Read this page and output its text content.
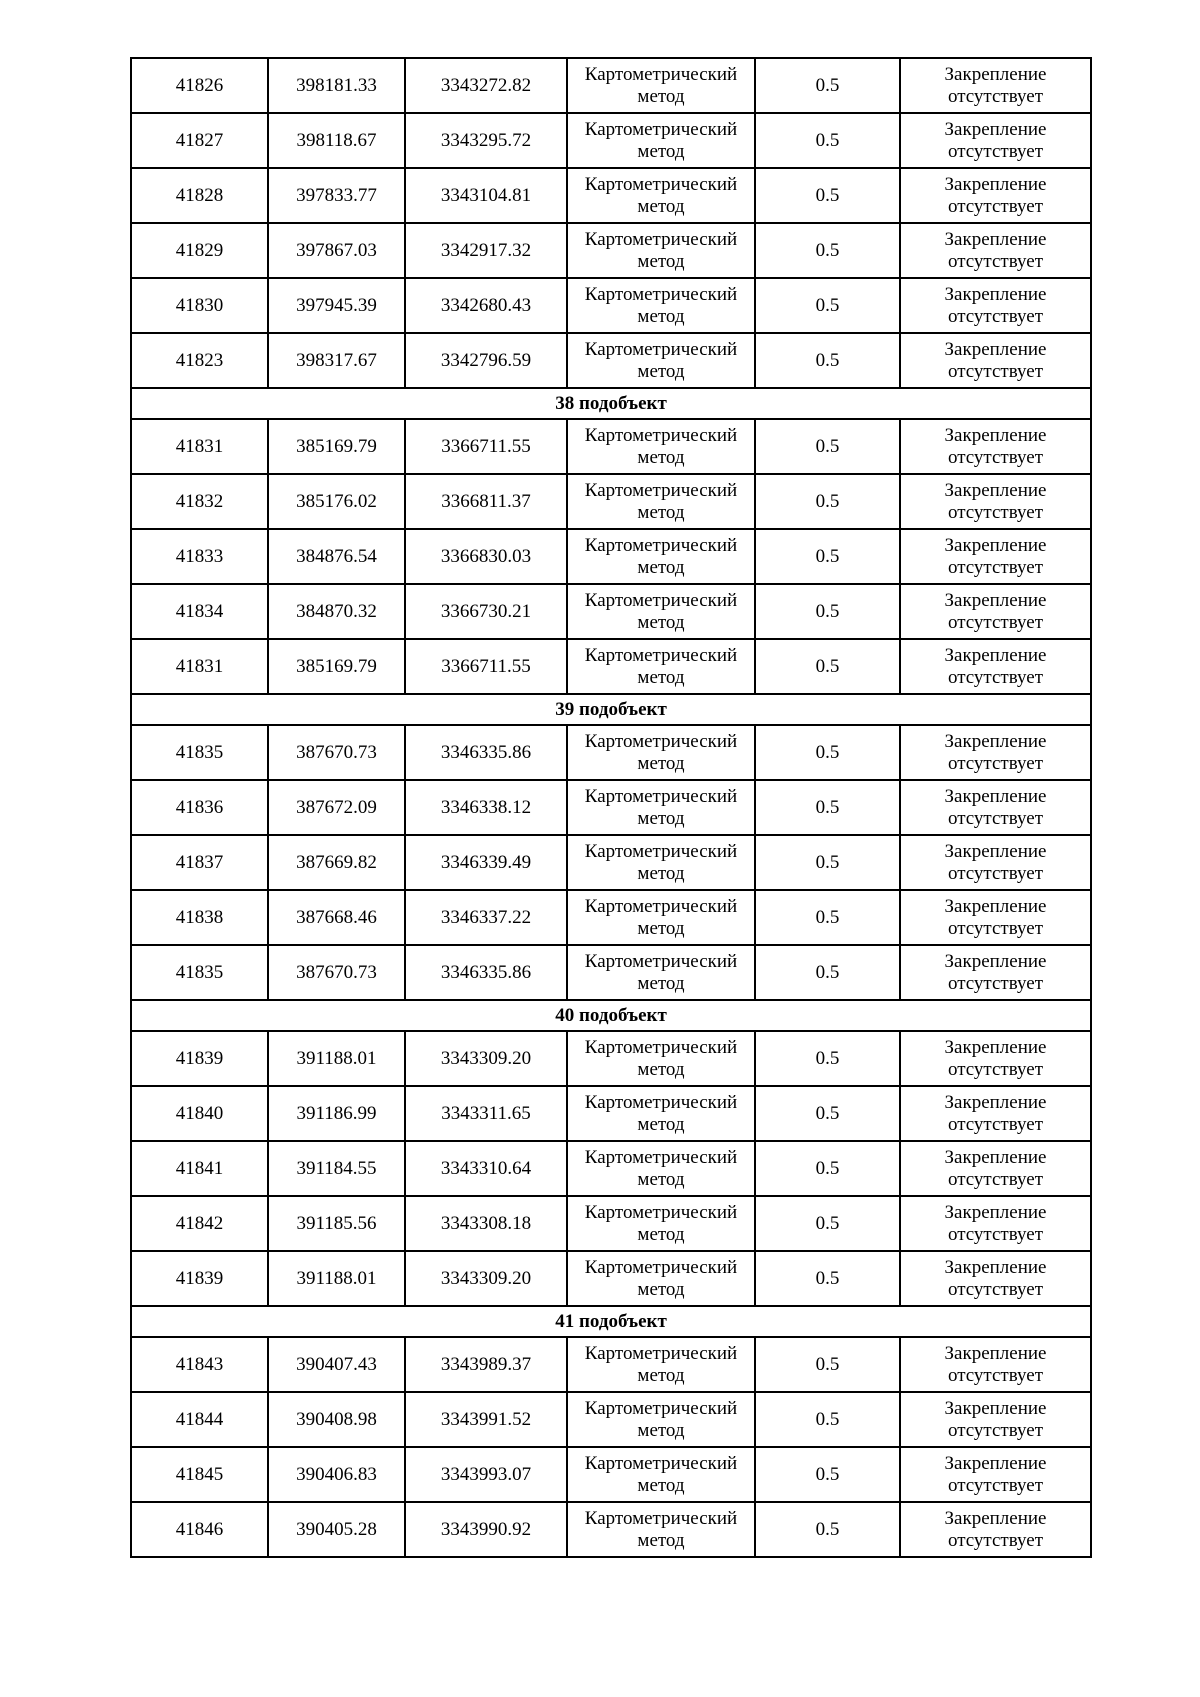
41826	398181.33	3343272.82	Картометрический метод	0.5	Закрепление отсутствует
41827	398118.67	3343295.72	Картометрический метод	0.5	Закрепление отсутствует
41828	397833.77	3343104.81	Картометрический метод	0.5	Закрепление отсутствует
41829	397867.03	3342917.32	Картометрический метод	0.5	Закрепление отсутствует
41830	397945.39	3342680.43	Картометрический метод	0.5	Закрепление отсутствует
41823	398317.67	3342796.59	Картометрический метод	0.5	Закрепление отсутствует
38 подобъект					
41831	385169.79	3366711.55	Картометрический метод	0.5	Закрепление отсутствует
41832	385176.02	3366811.37	Картометрический метод	0.5	Закрепление отсутствует
41833	384876.54	3366830.03	Картометрический метод	0.5	Закрепление отсутствует
41834	384870.32	3366730.21	Картометрический метод	0.5	Закрепление отсутствует
41831	385169.79	3366711.55	Картометрический метод	0.5	Закрепление отсутствует
39 подобъект					
41835	387670.73	3346335.86	Картометрический метод	0.5	Закрепление отсутствует
41836	387672.09	3346338.12	Картометрический метод	0.5	Закрепление отсутствует
41837	387669.82	3346339.49	Картометрический метод	0.5	Закрепление отсутствует
41838	387668.46	3346337.22	Картометрический метод	0.5	Закрепление отсутствует
41835	387670.73	3346335.86	Картометрический метод	0.5	Закрепление отсутствует
40 подобъект					
41839	391188.01	3343309.20	Картометрический метод	0.5	Закрепление отсутствует
41840	391186.99	3343311.65	Картометрический метод	0.5	Закрепление отсутствует
41841	391184.55	3343310.64	Картометрический метод	0.5	Закрепление отсутствует
41842	391185.56	3343308.18	Картометрический метод	0.5	Закрепление отсутствует
41839	391188.01	3343309.20	Картометрический метод	0.5	Закрепление отсутствует
41 подобъект					
41843	390407.43	3343989.37	Картометрический метод	0.5	Закрепление отсутствует
41844	390408.98	3343991.52	Картометрический метод	0.5	Закрепление отсутствует
41845	390406.83	3343993.07	Картометрический метод	0.5	Закрепление отсутствует
41846	390405.28	3343990.92	Картометрический метод	0.5	Закрепление отсутствует
